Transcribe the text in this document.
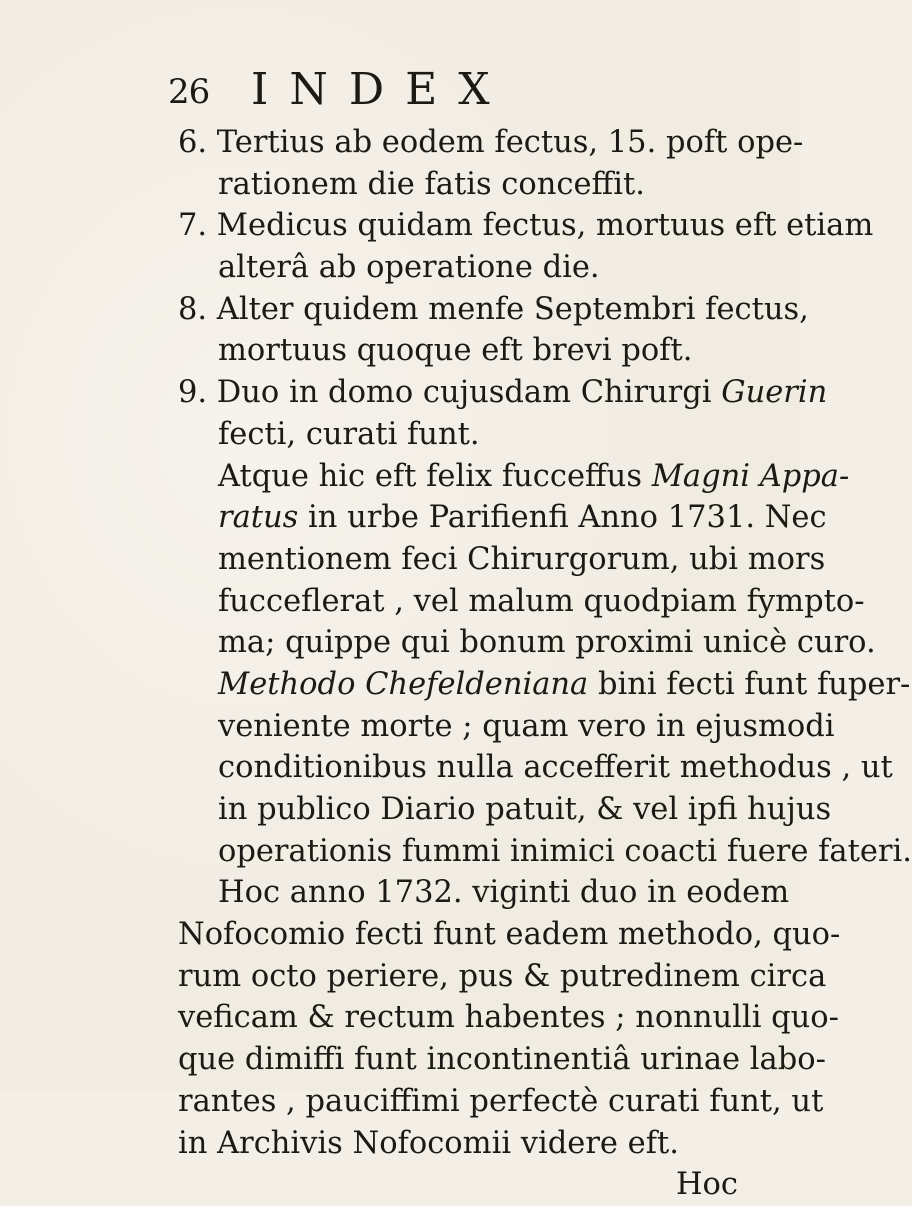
26 INDEX
6. Tertius ab eodem fectus, 15. poft ope-
rationem die fatis conceffit.
7. Medicus quidam fectus, mortuus eft etiam
alterâ ab operatione die.
8. Alter quidem menfe Septembri fectus,
mortuus quoque eft brevi poft.
9. Duo in domo cujusdam Chirurgi Guerin
fecti, curati funt.
Atque hic eft felix fucceffus Magni Appa-
ratus in urbe Parifienfi Anno 1731. Nec
mentionem feci Chirurgorum, ubi mors
fucceflerat , vel malum quodpiam fympto-
ma; quippe qui bonum proximi unicè curo.
Methodo Chefeldeniana bini fecti funt fuper-
veniente morte ; quam vero in ejusmodi
conditionibus nulla accefferit methodus , ut
in publico Diario patuit, & vel ipfi hujus
operationis fummi inimici coacti fuere fateri.
Hoc anno 1732. viginti duo in eodem
Nofocomio fecti funt eadem methodo, quo-
rum octo periere, pus & putredinem circa
veficam & rectum habentes ; nonnulli quo-
que dimiffi funt incontinentiâ urinae labo-
rantes , pauciffimi perfectè curati funt, ut
in Archivis Nofocomii videre eft.
Hoc
